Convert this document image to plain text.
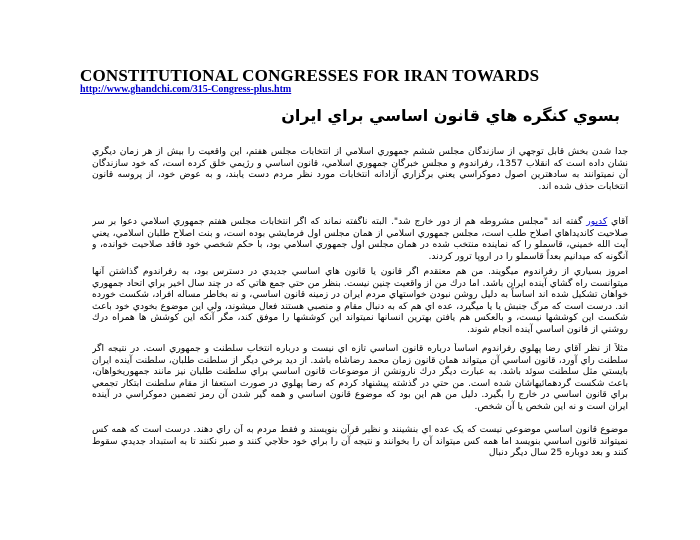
CONSTITUTIONAL CONGRESSES FOR IRAN TOWARDS
http://www.ghandchi.com/315-Congress-plus.htm
بسوي كنگره هاي قانون اساسي براي ايران

جدا شدن بخش قابل توجهي از سازندگان مجلس ششم جمهوري اسلامي از انتخابات مجلس هفتم، اين واقعيت را بيش از هر زمان ديگري نشان داده است كه انقلاب 1357، رفراندوم و مجلس خبرگان جمهوري اسلامي، قانون اساسي و رژيمي خلق كرده است، كه خود سازندگان آن نميتوانند به سادهترين اصول دموكراسي يعني برگزاري آزادانه انتخابات مورد نظر مردم دست يابند، و به عوض خود، از پروسه قانون انتخابات حذف شده اند.

آقاي كديور گفته اند "مجلس مشروطه هم از دور خارج شد". البته ناگفته نماند كه اگر انتخابات مجلس هفتم جمهوري اسلامي دعوا بر سر صلاحيت كانديداهاي اصلاح طلب است، مجلس جمهوري اسلامي از همان مجلس اول فرمايشي بوده است، و بنت اصلاح طلبان اسلامي، يعني آيت الله خميني، قاسملو را كه نماينده منتخب شده در همان مجلس اول جمهوري اسلامي بود، با حكم شخصي خود فاقد صلاحيت خوانده، و آنگونه كه ميدانيم بعداً قاسملو را در اروپا ترور كردند.

امروز بسياري از رفراندوم ميگويند. من هم معتقدم اگر قانون يا قانون هاي اساسي جديدي در دسترس بود، به رفراندوم گذاشتن آنها ميتوانست راه گشاي آينده ايران باشد. اما درك من از واقعيت چنين نيست. بنظر من حتي جمع هاتي كه در چند سال اخير براي اتحاد جمهوري خواهان تشكيل شده اند اساساً به دليل روشن نبودن خواستهاي مردم ايران در زمينه قانون اساسي، و نه بخاطر مساله افراد، شكست خورده اند. درست است كه مرگ جنبش يا يا ميگيرد، عده اي هم كه به دنبال مقام و منصبي هستند فعال ميشوند، ولي اين موضوع بخودي خود باعث شكست اين كوششها نيست، و بالعكس هم يافتن بهترين انسانها نميتواند اين كوششها را موفق كند، مگر آنكه اين كوشش ها همراه درك روشني از قانون اساسي آينده انجام شوند.

مثلاً از نظر آقاي رضا پهلوي رفراندوم اساساً درباره قانون اساسي تازه اي نيست و درباره انتخاب سلطنت و جمهوري است. در نتيجه اگر سلطنت راي آورد، قانون اساسي آن ميتواند همان قانون زمان محمد رضاشاه باشد. از ديد برخي ديگر از سلطنت طلبان، سلطنت آينده ايران بايستي مثل سلطنت سوئد باشد. به عبارت ديگر درك نارونشن از موضوعات قانون اساسي براي سلطنت طلبان نيز مانند جمهوريخواهان، باعث شكست گردهمائيهاشان شده است. من حتي در گذشته پيشنهاد كردم كه رضا پهلوي در صورت استعفا از مقام سلطنت ابتكار تجمعي براي قانون اساسي در خارج را بگيرد. دليل من هم اين بود كه موضوع قانون اساسي و همه گير شدن آن رمز تضمين دموكراسي در آينده ايران است و نه اين شخص يا آن شخص.

موضوع قانون اساسي موضوعي نيست كه يک عده اي بنشينند و نظير قرآن بنويسند و فقط مردم به آن راي دهند. درست است كه همه كس نميتواند قانون اساسي بنويسد اما همه كس ميتواند آن را بخوانند و نتيجه آن را براي خود حلاجي كنند و صبر نكنند تا به استبداد جديدي سقوط كنند و بعد دوباره 25 سال ديگر دنبال
